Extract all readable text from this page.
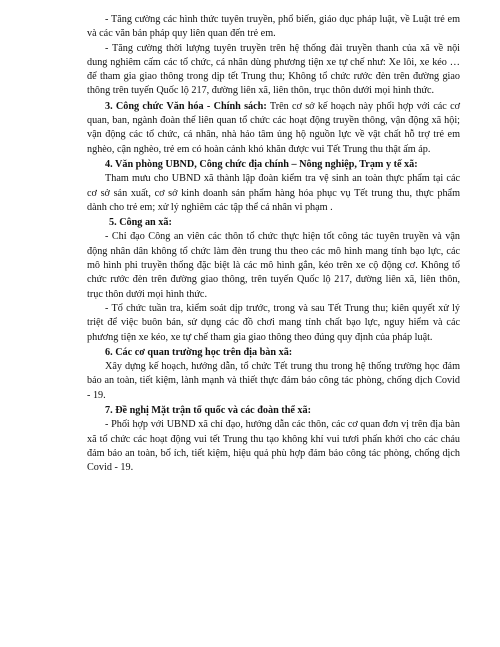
- Tăng cường các hình thức tuyên truyền, phổ biến, giáo dục pháp luật, về Luật trẻ em và các văn bản pháp quy liên quan đến trẻ em.

- Tăng cường thời lượng tuyên truyền trên hệ thống đài truyền thanh của xã về nội dung nghiêm cấm các tổ chức, cá nhân dùng phương tiện xe tự chế như: Xe lôi, xe kéo …để tham gia giao thông trong dịp tết Trung thu; Không tổ chức rước đèn trên đường giao thông trên tuyến Quốc lộ 217, đường liên xã, liên thôn, trục thôn dưới mọi hình thức.

3. Công chức Văn hóa - Chính sách: Trên cơ sở kế hoạch này phối hợp với các cơ quan, ban, ngành đoàn thể liên quan tổ chức các hoạt động truyền thông, vận động xã hội; vận động các tổ chức, cá nhân, nhà hảo tâm ủng hộ nguồn lực về vật chất hỗ trợ trẻ em nghèo, cận nghèo, trẻ em có hoàn cảnh khó khăn được vui Tết Trung thu thật ấm áp.

4. Văn phòng UBND, Công chức địa chính – Nông nghiệp, Trạm y tế xã:

Tham mưu cho UBND xã thành lập đoàn kiểm tra vệ sinh an toàn thực phẩm tại các cơ sở sản xuất, cơ sở kinh doanh sản phẩm hàng hóa phục vụ Tết trung thu, thực phẩm dành cho trẻ em; xử lý nghiêm các tập thể cá nhân vi phạm .

5. Công an xã:

- Chỉ đạo Công an viên các thôn tổ chức thực hiện tốt công tác tuyên truyền và vận động nhân dân không tổ chức làm đèn trung thu theo các mô hình mang tính bạo lực, các mô hình phi truyền thống đặc biệt là các mô hình gắn, kéo trên xe cộ động cơ. Không tổ chức rước đèn trên đường giao thông, trên tuyến Quốc lộ 217, đường liên xã, liên thôn, trục thôn dưới mọi hình thức.

- Tổ chức tuần tra, kiểm soát dịp trước, trong và sau Tết Trung thu; kiên quyết xử lý triệt để việc buôn bán, sử dụng các đồ chơi mang tính chất bạo lực, nguy hiểm và các phương tiện xe kéo, xe tự chế tham gia giao thông theo đúng quy định của pháp luật.

6. Các cơ quan trường học trên địa bàn xã:

Xây dựng kế hoạch, hướng dẫn, tổ chức Tết trung thu trong hệ thống trường học đảm bảo an toàn, tiết kiệm, lành mạnh và thiết thực đảm bảo công tác phòng, chống dịch Covid - 19.

7. Đề nghị Mặt trận tổ quốc và các đoàn thể xã:

- Phối hợp với UBND xã chỉ đạo, hướng dẫn các thôn, các cơ quan đơn vị trên địa bàn xã tổ chức các hoạt động vui tết Trung thu tạo không khí vui tươi phấn khởi cho các cháu đảm bảo an toàn, bổ ích, tiết kiệm, hiệu quả phù hợp đảm bảo công tác phòng, chống dịch Covid - 19.
